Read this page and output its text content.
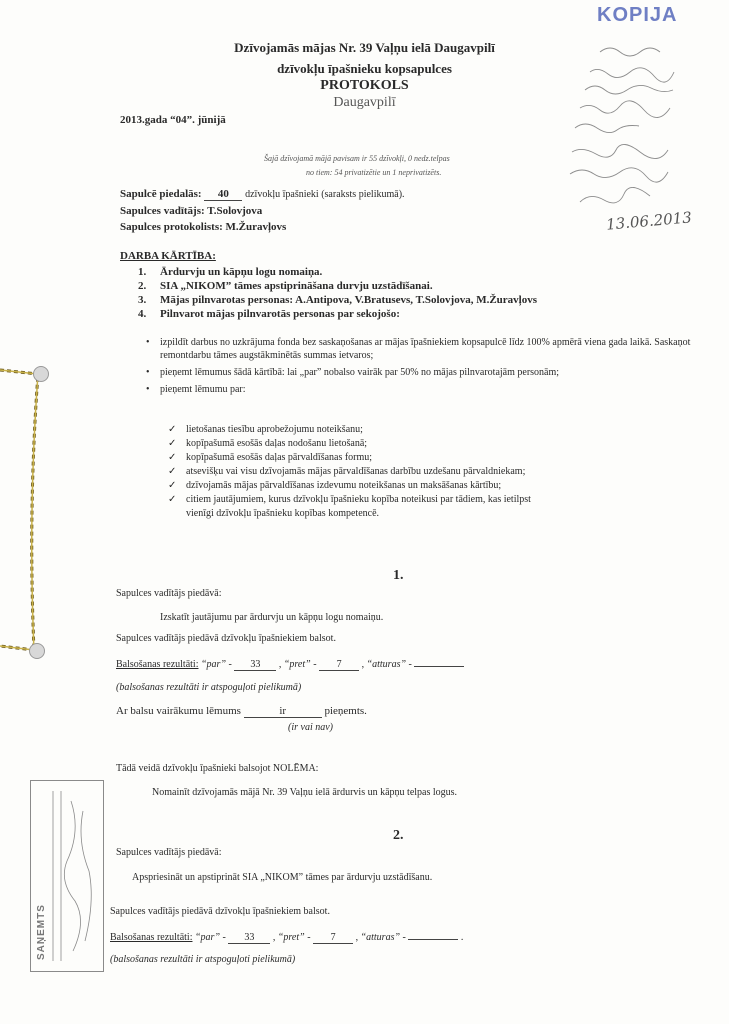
KOPIJA
Dzīvojamās mājas Nr. 39 Vaļņu ielā Daugavpilī
dzīvokļu īpašnieku kopsapulces
PROTOKOLS
Daugavpilī
2013.gada “04”. jūnijā
Šajā dzīvojamā mājā pavisam ir 55 dzīvokļi, 0 nedz.telpas
no tiem: 54 privatizētie un 1 neprivatizēts.
13.06.2013
Sapulcē piedalās: 40 dzīvokļu īpašnieki (saraksts pielikumā).
Sapulces vadītājs: T.Solovjova
Sapulces protokolists: M.Žuravļovs
DARBA KĀRTĪBA:
1. Ārdurvju un kāpņu logu nomaiņa.
2. SIA „NIKOM” tāmes apstiprināšana durvju uzstādīšanai.
3. Mājas pilnvarotas personas: A.Antipova, V.Bratusevs, T.Solovjova, M.Žuravļovs
4. Pilnvarot mājas pilnvarotās personas par sekojošo:
• izpildīt darbus no uzkrājuma fonda bez saskaņošanas ar mājas īpašniekiem kopsapulcē līdz 100% apmērā viena gada laikā. Saskaņot remontdarbu tāmes augstākminētās summas ietvaros;
• pieņemt lēmumus šādā kārtībā: lai „par” nobalso vairāk par 50% no mājas pilnvarotajām personām;
• pieņemt lēmumu par:
✓ lietošanas tiesību aprobežojumu noteikšanu;
✓ kopīpašumā esošās daļas nodošanu lietošanā;
✓ kopīpašumā esošās daļas pārvaldīšanas formu;
✓ atsevišķu vai visu dzīvojamās mājas pārvaldīšanas darbību uzdešanu pārvaldniekam;
✓ dzīvojamās mājas pārvaldīšanas izdevumu noteikšanas un maksāšanas kārtību;
✓ citiem jautājumiem, kurus dzīvokļu īpašnieku kopība noteikusi par tādiem, kas ietilpst
vienīgi dzīvokļu īpašnieku kopības kompetencē.
1.
Sapulces vadītājs piedāvā:
Izskatīt jautājumu par ārdurvju un kāpņu logu nomaiņu.
Sapulces vadītājs piedāvā dzīvokļu īpašniekiem balsot.
Balsošanas rezultāti: “par” - 33 , “pret” - 7 , “atturas” -
(balsošanas rezultāti ir atspoguļoti pielikumā)
Ar balsu vairākumu lēmums	ir	pieņemts.
(ir vai nav)
Tādā veidā dzīvokļu īpašnieki balsojot NOLĒMA:
Nomainīt dzīvojamās mājā Nr. 39 Vaļņu ielā ārdurvis un kāpņu telpas logus.
2.
Sapulces vadītājs piedāvā:
Apspriesināt un apstiprināt SIA „NIKOM” tāmes par ārdurvju uzstādīšanu.
Sapulces vadītājs piedāvā dzīvokļu īpašniekiem balsot.
Balsošanas rezultāti: “par” - 33 , “pret” - 7 , “atturas” -	.
(balsošanas rezultāti ir atspoguļoti pielikumā)
SAŅEMTS
